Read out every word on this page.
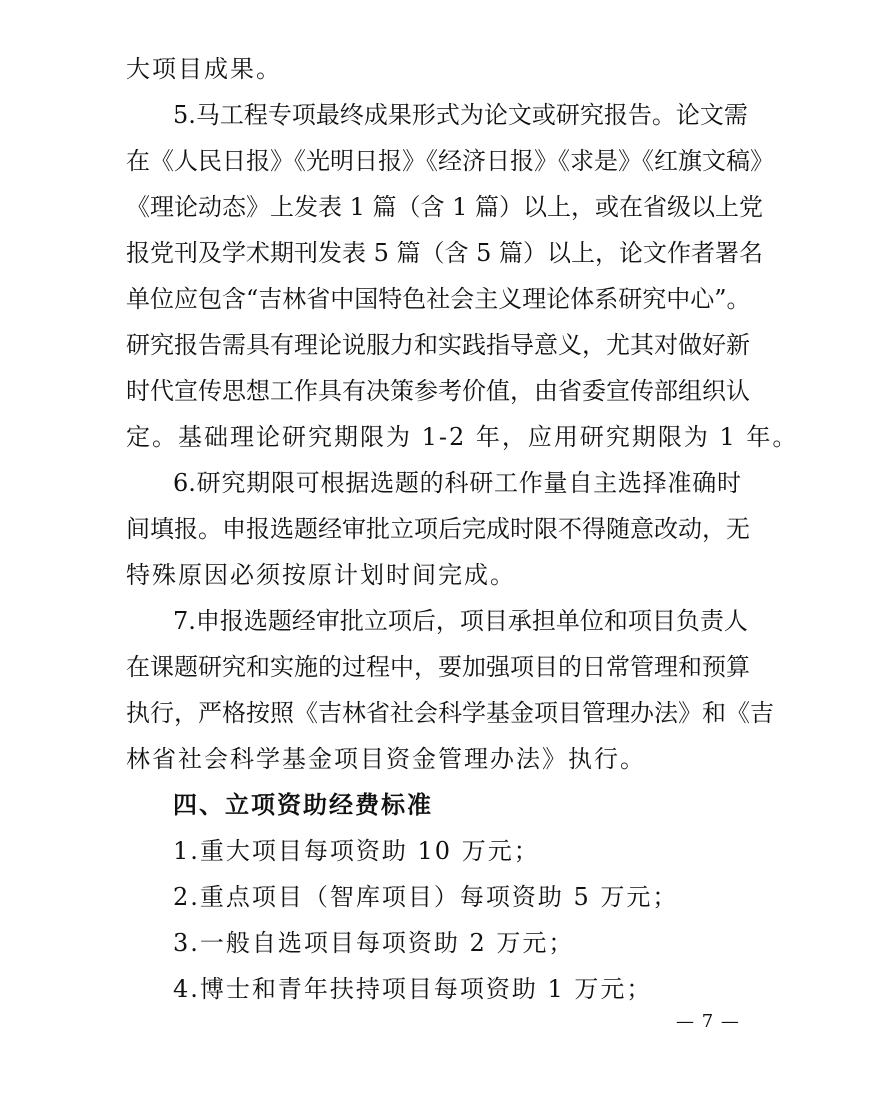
大项目成果。
5.马工程专项最终成果形式为论文或研究报告。论文需
在《人民日报》《光明日报》《经济日报》《求是》《红旗文稿》
《理论动态》上发表 1 篇（含 1 篇）以上，或在省级以上党
报党刊及学术期刊发表 5 篇（含 5 篇）以上，论文作者署名
单位应包含“吉林省中国特色社会主义理论体系研究中心”。
研究报告需具有理论说服力和实践指导意义，尤其对做好新
时代宣传思想工作具有决策参考价值，由省委宣传部组织认
定。基础理论研究期限为 1-2 年，应用研究期限为 1 年。
6.研究期限可根据选题的科研工作量自主选择准确时
间填报。申报选题经审批立项后完成时限不得随意改动，无
特殊原因必须按原计划时间完成。
7.申报选题经审批立项后，项目承担单位和项目负责人
在课题研究和实施的过程中，要加强项目的日常管理和预算
执行，严格按照《吉林省社会科学基金项目管理办法》和《吉
林省社会科学基金项目资金管理办法》执行。
四、立项资助经费标准
1.重大项目每项资助 10 万元；
2.重点项目（智库项目）每项资助 5 万元；
3.一般自选项目每项资助 2 万元；
4.博士和青年扶持项目每项资助 1 万元；
— 7 —
